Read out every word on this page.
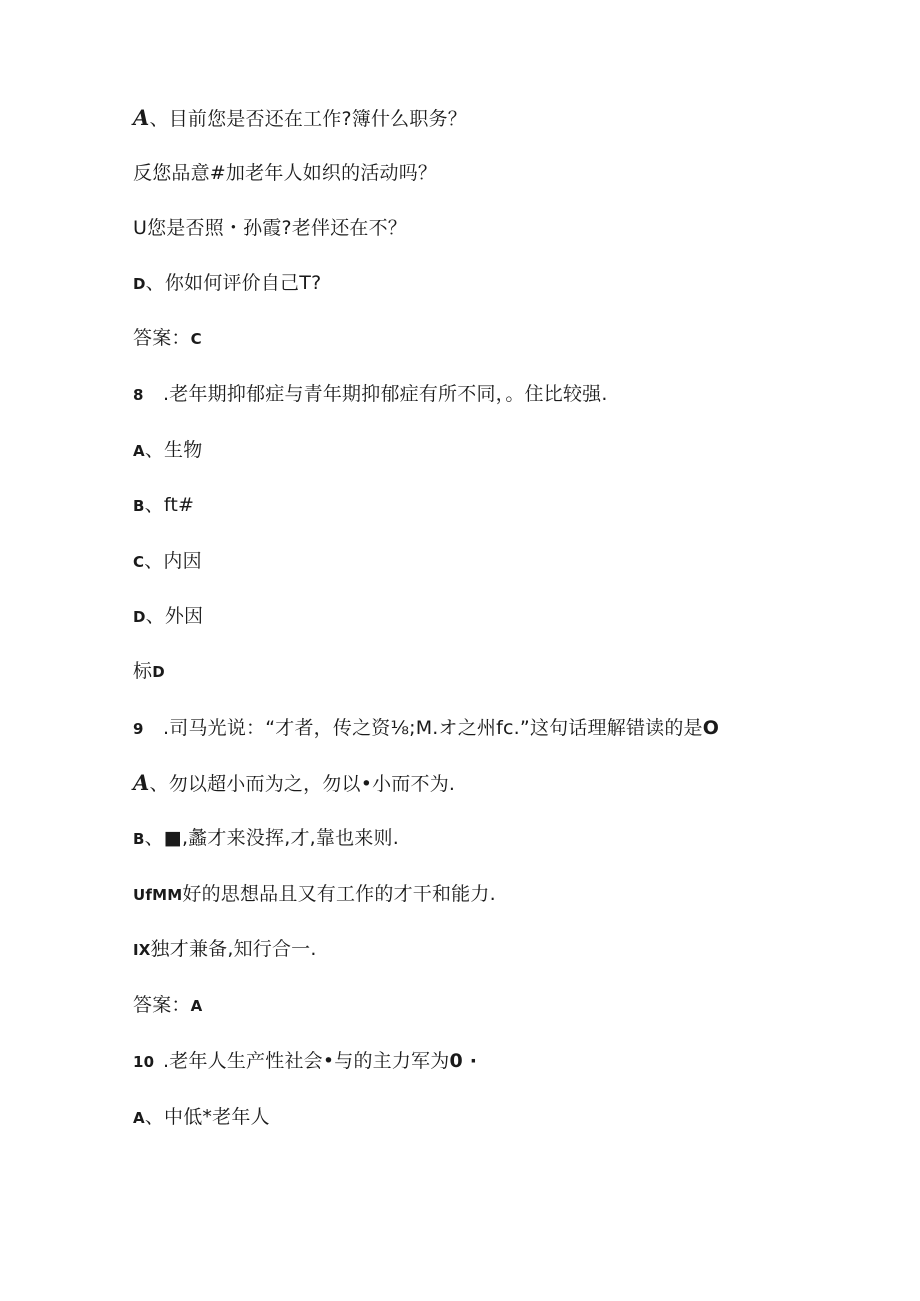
A、目前您是否还在工作?簿什么职务？
反您品意#加老年人如织的活动吗？
U您是否照・孙霞?老伴还在不？
D、你如何评价自己T?
答案：C
8 .老年期抑郁症与青年期抑郁症有所不同，。住比较强.
A、生物
B、ft#
C、内因
D、外因
标D
9 .司马光说：“才者，传之资⅛;M.オ之州fc.”这句话理解错读的是O
A、勿以超小而为之，勿以•小而不为.
B、■,蠡才来没挥,才,靠也来则.
UfMM好的思想品且又有工作的才干和能力.
IX独才兼备,知行合一.
答案：A
10 .老年人生产性社会•与的主力军为0 ·
A、中低*老年人
